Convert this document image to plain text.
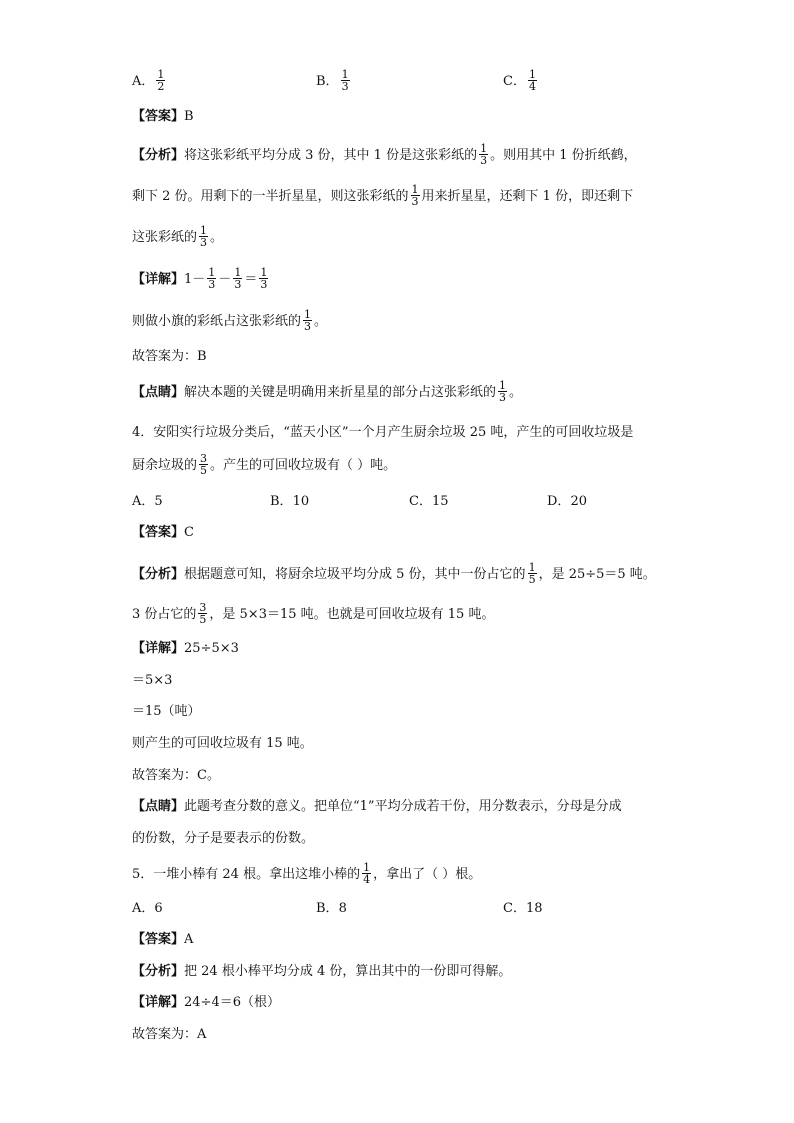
A． $\frac{1}{2}$	B． $\frac{1}{3}$	C． $\frac{1}{4}$
【答案】B
【分析】将这张彩纸平均分成 3 份，其中 1 份是这张彩纸的 $\frac{1}{3}$ 。则用其中 1 份折纸鹤，
剩下 2 份。用剩下的一半折星星，则这张彩纸的 $\frac{1}{3}$ 用来折星星，还剩下 1 份，即还剩下
这张彩纸的 $\frac{1}{3}$ 。
【详解】$1- \frac{1}{3} - \frac{1}{3} = \frac{1}{3}$
则做小旗的彩纸占这张彩纸的 $\frac{1}{3}$ 。
故答案为：B
【点睛】解决本题的关键是明确用来折星星的部分占这张彩纸的 $\frac{1}{3}$ 。
4．安阳实行垃圾分类后，“蓝天小区”一个月产生厨余垃圾 25 吨，产生的可回收垃圾是
厨余垃圾的 $\frac{3}{5}$ 。产生的可回收垃圾有（ ）吨。
A．5	B．10	C．15	D．20
【答案】C
【分析】根据题意可知，将厨余垃圾平均分成 5 份，其中一份占它的 $\frac{1}{5}$ ，是 25÷5＝5 吨。
3 份占它的 $\frac{3}{5}$ ，是 5×3＝15 吨。也就是可回收垃圾有 15 吨。
【详解】25÷5×3
＝5×3
＝15（吨）
则产生的可回收垃圾有 15 吨。
故答案为：C。
【点睛】此题考查分数的意义。把单位“1”平均分成若干份，用分数表示，分母是分成
的份数，分子是要表示的份数。
5．一堆小棒有 24 根。拿出这堆小棒的 $\frac{1}{4}$ ，拿出了（ ）根。
A．6	B．8	C．18
【答案】A
【分析】把 24 根小棒平均分成 4 份，算出其中的一份即可得解。
【详解】24÷4＝6（根）
故答案为：A
